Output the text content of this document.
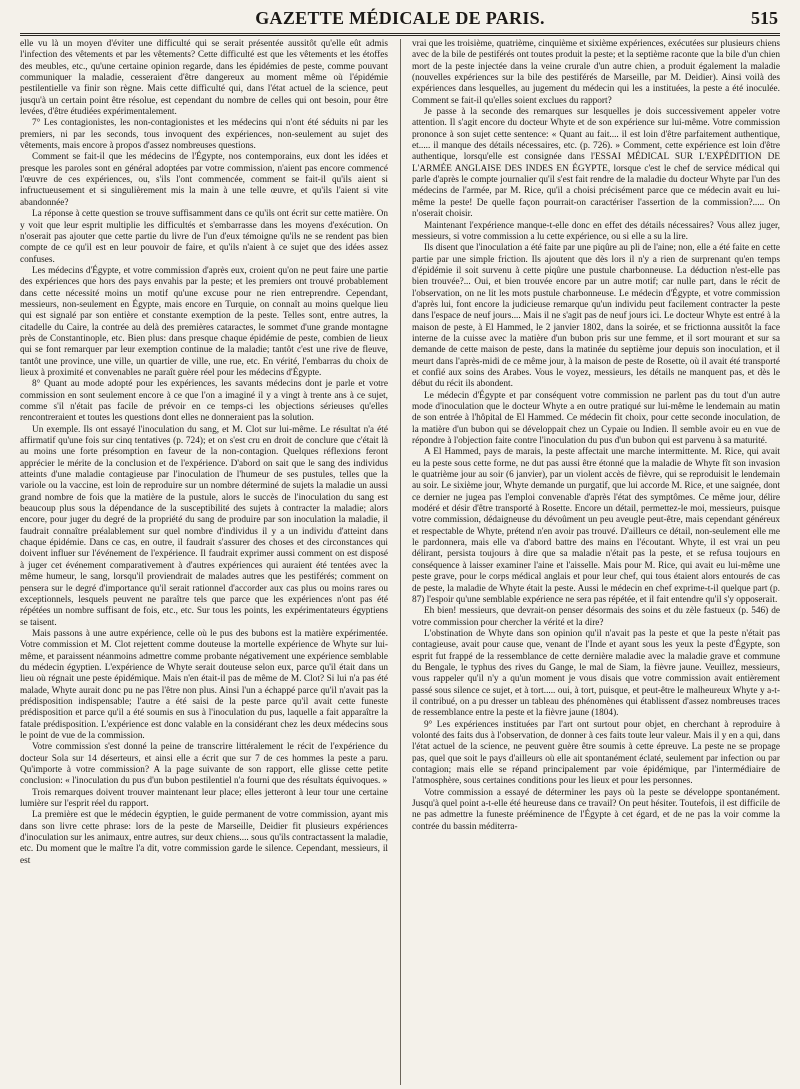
GAZETTE MÉDICALE DE PARIS.	515

elle vu là un moyen d'éviter une difficulté qui se serait présentée aussitôt qu'elle eût admis l'infection des vêtements et par les vêtements? Cette difficulté est que les vêtements et les étoffes des meubles, etc., qu'une certaine opinion regarde, dans les épidémies de peste, comme pouvant communiquer la maladie, cesseraient d'être dangereux au moment même où l'épidémie pestilentielle va finir son règne. Mais cette difficulté qui, dans l'état actuel de la science, peut jusqu'à un certain point être résolue, est cependant du nombre de celles qui ont besoin, pour être levées, d'être étudiées expérimentalement.

7° Les contagionistes, les non-contagionistes et les médecins qui n'ont été séduits ni par les premiers, ni par les seconds, tous invoquent des expériences, non-seulement au sujet des vêtements, mais encore à propos d'assez nombreuses questions.

Comment se fait-il que les médecins de l'Égypte, nos contemporains, eux dont les idées et presque les paroles sont en général adoptées par votre commission, n'aient pas encore commencé l'œuvre de ces expériences, ou, s'ils l'ont commencée, comment se fait-il qu'ils aient si infructueusement et si singulièrement mis la main à une telle œuvre, et qu'ils l'aient si vite abandonnée?

La réponse à cette question se trouve suffisamment dans ce qu'ils ont écrit sur cette matière. On y voit que leur esprit multiplie les difficultés et s'embarrasse dans les moyens d'exécution. On n'oserait pas ajouter que cette partie du livre de l'un d'eux témoigne qu'ils ne se rendent pas bien compte de ce qu'il est en leur pouvoir de faire, et qu'ils n'aient à ce sujet que des idées assez confuses.

Les médecins d'Égypte, et votre commission d'après eux, croient qu'on ne peut faire une partie des expériences que hors des pays envahis par la peste; et les premiers ont trouvé probablement dans cette nécessité moins un motif qu'une excuse pour ne rien entreprendre. Cependant, messieurs, non-seulement en Égypte, mais encore en Turquie, on connaît au moins quelque lieu qui est signalé par son entière et constante exemption de la peste. Telles sont, entre autres, la citadelle du Caire, la contrée au delà des premières cataractes, le sommet d'une grande montagne près de Constantinople, etc. Bien plus: dans presque chaque épidémie de peste, combien de lieux qui se font remarquer par leur exemption continue de la maladie; tantôt c'est une rive de fleuve, tantôt une province, une ville, un quartier de ville, une rue, etc. En vérité, l'embarras du choix de lieux à proximité et convenables ne paraît guère réel pour les médecins d'Égypte.

8° Quant au mode adopté pour les expériences, les savants médecins dont je parle et votre commission en sont seulement encore à ce que l'on a imaginé il y a vingt à trente ans à ce sujet, comme s'il n'était pas facile de prévoir en ce temps-ci les objections sérieuses qu'elles rencontreraient et toutes les questions dont elles ne donneraient pas la solution.

Un exemple. Ils ont essayé l'inoculation du sang, et M. Clot sur lui-même. Le résultat n'a été affirmatif qu'une fois sur cinq tentatives (p. 724); et on s'est cru en droit de conclure que c'était là au moins une forte présomption en faveur de la non-contagion. Quelques réflexions feront apprécier le mérite de la conclusion et de l'expérience. D'abord on sait que le sang des individus atteints d'une maladie contagieuse par l'inoculation de l'humeur de ses pustules, telles que la variole ou la vaccine, est loin de reproduire sur un nombre déterminé de sujets la maladie un aussi grand nombre de fois que la matière de la pustule, alors le succès de l'inoculation du sang est beaucoup plus sous la dépendance de la susceptibilité des sujets à contracter la maladie; alors encore, pour juger du degré de la propriété du sang de produire par son inoculation la maladie, il faudrait connaître préalablement sur quel nombre d'individus il y a un individu d'atteint dans chaque épidémie. Dans ce cas, en outre, il faudrait s'assurer des choses et des circonstances qui doivent influer sur l'événement de l'expérience. Il faudrait exprimer aussi comment on est disposé à juger cet événement comparativement à d'autres expériences qui auraient été tentées avec la même humeur, le sang, lorsqu'il proviendrait de malades autres que les pestiférés; comment on pensera sur le degré d'importance qu'il serait rationnel d'accorder aux cas plus ou moins rares ou exceptionnels, lesquels peuvent ne paraître tels que parce que les expériences n'ont pas été répétées un nombre suffisant de fois, etc., etc. Sur tous les points, les expérimentateurs égyptiens se taisent.

Mais passons à une autre expérience, celle où le pus des bubons est la matière expérimentée. Votre commission et M. Clot rejettent comme douteuse la mortelle expérience de Whyte sur lui-même, et paraissent néanmoins admettre comme probante négativement une expérience semblable du médecin égyptien. L'expérience de Whyte serait douteuse selon eux, parce qu'il était dans un lieu où régnait une peste épidémique. Mais n'en était-il pas de même de M. Clot? Si lui n'a pas été malade, Whyte aurait donc pu ne pas l'être non plus. Ainsi l'un a échappé parce qu'il n'avait pas la prédisposition indispensable; l'autre a été saisi de la peste parce qu'il avait cette funeste prédisposition et parce qu'il a été soumis en sus à l'inoculation du pus, laquelle a fait apparaître la fatale prédisposition. L'expérience est donc valable en la considérant chez les deux médecins sous le point de vue de la commission.

Votre commission s'est donné la peine de transcrire littéralement le récit de l'expérience du docteur Sola sur 14 déserteurs, et ainsi elle a écrit que sur 7 de ces hommes la peste a paru. Qu'importe à votre commission? A la page suivante de son rapport, elle glisse cette petite conclusion: « l'inoculation du pus d'un bubon pestilentiel n'a fourni que des résultats équivoques. »

Trois remarques doivent trouver maintenant leur place; elles jetteront à leur tour une certaine lumière sur l'esprit réel du rapport.

La première est que le médecin égyptien, le guide permanent de votre commission, ayant mis dans son livre cette phrase: lors de la peste de Marseille, Deidier fit plusieurs expériences d'inoculation sur les animaux, entre autres, sur deux chiens.... sous qu'ils contractassent la maladie, etc. Du moment que le maître l'a dit, votre commission garde le silence. Cependant, messieurs, il est

vrai que les troisième, quatrième, cinquième et sixième expériences, exécutées sur plusieurs chiens avec de la bile de pestiférés ont toutes produit la peste; et la septième raconte que la bile d'un chien mort de la peste injectée dans la veine crurale d'un autre chien, a produit également la maladie (nouvelles expériences sur la bile des pestiférés de Marseille, par M. Deidier). Ainsi voilà des expériences dans lesquelles, au jugement du médecin qui les a instituées, la peste a été inoculée. Comment se fait-il qu'elles soient exclues du rapport?

Je passe à la seconde des remarques sur lesquelles je dois successivement appeler votre attention. Il s'agit encore du docteur Whyte et de son expérience sur lui-même. Votre commission prononce à son sujet cette sentence: « Quant au fait.... il est loin d'être parfaitement authentique, et..... il manque des détails nécessaires, etc. (p. 726). » Comment, cette expérience est loin d'être authentique, lorsqu'elle est consignée dans l'ESSAI MÉDICAL SUR L'EXPÉDITION DE L'ARMÉE ANGLAISE DES INDES EN ÉGYPTE, lorsque c'est le chef de service médical qui parle d'après le compte journalier qu'il s'est fait rendre de la maladie du docteur Whyte par l'un des médecins de l'armée, par M. Rice, qu'il a choisi précisément parce que ce médecin avait eu lui-même la peste! De quelle façon pourrait-on caractériser l'assertion de la commission?..... On n'oserait choisir.

Maintenant l'expérience manque-t-elle donc en effet des détails nécessaires? Vous allez juger, messieurs, si votre commission a lu cette expérience, ou si elle a su la lire.

Ils disent que l'inoculation a été faite par une piqûre au pli de l'aine; non, elle a été faite en cette partie par une simple friction. Ils ajoutent que dès lors il n'y a rien de surprenant qu'en temps d'épidémie il soit survenu à cette piqûre une pustule charbonneuse. La déduction n'est-elle pas bien trouvée?... Oui, et bien trouvée encore par un autre motif; car nulle part, dans le récit de l'observation, on ne lit les mots pustule charbonneuse. Le médecin d'Égypte, et votre commission d'après lui, font encore la judicieuse remarque qu'un individu peut facilement contracter la peste dans l'espace de neuf jours.... Mais il ne s'agit pas de neuf jours ici. Le docteur Whyte est entré à la maison de peste, à El Hammed, le 2 janvier 1802, dans la soirée, et se frictionna aussitôt la face interne de la cuisse avec la matière d'un bubon pris sur une femme, et il sort mourant et sur sa demande de cette maison de peste, dans la matinée du septième jour depuis son inoculation, et il meurt dans l'après-midi de ce même jour, à la maison de peste de Rosette, où il avait été transporté et confié aux soins des Arabes. Vous le voyez, messieurs, les détails ne manquent pas, et dès le début du récit ils abondent.

Le médecin d'Égypte et par conséquent votre commission ne parlent pas du tout d'un autre mode d'inoculation que le docteur Whyte a en outre pratiqué sur lui-même le lendemain au matin de son entrée à l'hôpital de El Hammed. Ce médecin fit choix, pour cette seconde inoculation, de la matière d'un bubon qui se développait chez un Cypaie ou Indien. Il semble avoir eu en vue de répondre à l'objection faite contre l'inoculation du pus d'un bubon qui est parvenu à sa maturité.

A El Hammed, pays de marais, la peste affectait une marche intermittente. M. Rice, qui avait eu la peste sous cette forme, ne dut pas aussi être étonné que la maladie de Whyte fît son invasion le quatrième jour au soir (6 janvier), par un violent accès de fièvre, qui se reproduisit le lendemain au soir. Le sixième jour, Whyte demande un purgatif, que lui accorde M. Rice, et une saignée, dont ce dernier ne jugea pas l'emploi convenable d'après l'état des symptômes. Ce même jour, délire modéré et désir d'être transporté à Rosette. Encore un détail, permettez-le moi, messieurs, puisque votre commission, dédaigneuse du dévoûment un peu aveugle peut-être, mais cependant généreux et respectable de Whyte, prétend n'en avoir pas trouvé. D'ailleurs ce détail, non-seulement elle me le pardonnera, mais elle va d'abord battre des mains en l'écoutant. Whyte, il est vrai un peu délirant, persista toujours à dire que sa maladie n'était pas la peste, et se refusa toujours en conséquence à laisser examiner l'aine et l'aisselle. Mais pour M. Rice, qui avait eu lui-même une peste grave, pour le corps médical anglais et pour leur chef, qui tous étaient alors entourés de cas de peste, la maladie de Whyte était la peste. Aussi le médecin en chef exprime-t-il quelque part (p. 87) l'espoir qu'une semblable expérience ne sera pas répétée, et il fait entendre qu'il s'y opposerait.

Eh bien! messieurs, que devrait-on penser désormais des soins et du zèle fastueux (p. 546) de votre commission pour chercher la vérité et la dire?

L'obstination de Whyte dans son opinion qu'il n'avait pas la peste et que la peste n'était pas contagieuse, avait pour cause que, venant de l'Inde et ayant sous les yeux la peste d'Égypte, son esprit fut frappé de la ressemblance de cette dernière maladie avec la maladie grave et commune du Bengale, le typhus des rives du Gange, le mal de Siam, la fièvre jaune. Veuillez, messieurs, vous rappeler qu'il n'y a qu'un moment je vous disais que votre commission avait entièrement passé sous silence ce sujet, et à tort..... oui, à tort, puisque, et peut-être le malheureux Whyte y a-t-il contribué, on a pu dresser un tableau des phénomènes qui établissent d'assez nombreuses traces de ressemblance entre la peste et la fièvre jaune (1804).

9° Les expériences instituées par l'art ont surtout pour objet, en cherchant à reproduire à volonté des faits dus à l'observation, de donner à ces faits toute leur valeur. Mais il y en a qui, dans l'état actuel de la science, ne peuvent guère être soumis à cette épreuve. La peste ne se propage pas, quel que soit le pays d'ailleurs où elle ait spontanément éclaté, seulement par infection ou par contagion; mais elle se répand principalement par voie épidémique, par l'intermédiaire de l'atmosphère, sous certaines conditions pour les lieux et pour les personnes.

Votre commission a essayé de déterminer les pays où la peste se développe spontanément. Jusqu'à quel point a-t-elle été heureuse dans ce travail? On peut hésiter. Toutefois, il est difficile de ne pas admettre la funeste prééminence de l'Égypte à cet égard, et de ne pas la voir comme la contrée du bassin méditerra-
